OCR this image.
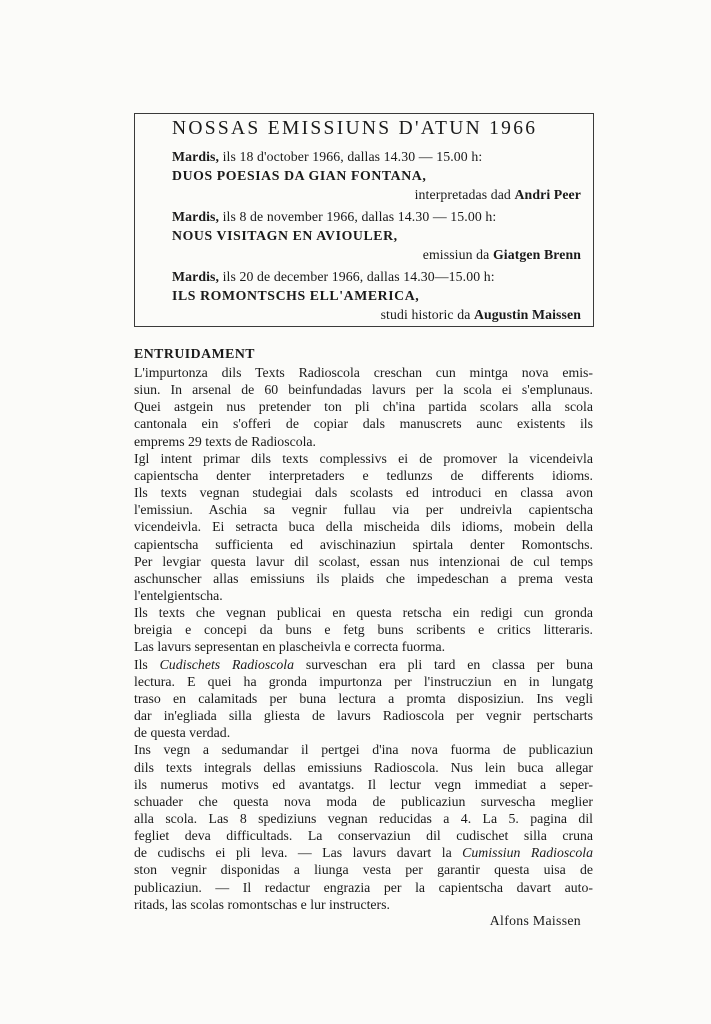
NOSSAS EMISSIUNS D'ATUN 1966
Mardis, ils 18 d'october 1966, dallas 14.30 — 15.00 h:
DUOS POESIAS DA GIAN FONTANA,
interpretadas dad Andri Peer
Mardis, ils 8 de november 1966, dallas 14.30 — 15.00 h:
NOUS VISITAGN EN AVIOULER,
emissiun da Giatgen Brenn
Mardis, ils 20 de december 1966, dallas 14.30—15.00 h:
ILS ROMONTSCHS ELL'AMERICA,
studi historic da Augustin Maissen
ENTRUIDAMENT
L'impurtonza dils Texts Radioscola creschan cun mintga nova emis-
siun. In arsenal de 60 beinfundadas lavurs per la scola ei s'emplunaus.
Quei astgein nus pretender ton pli ch'ina partida scolars alla scola
cantonala ein s'offeri de copiar dals manuscrets aunc existents ils
emprems 29 texts de Radioscola.
Igl intent primar dils texts complessivs ei de promover la vicendeivla
capientscha denter interpretaders e tedlunzs de differents idioms.
Ils texts vegnan studegiai dals scolasts ed introduci en classa avon
l'emissiun. Aschia sa vegnir fullau via per undreivla capientscha
vicendeivla. Ei setracta buca della mischeida dils idioms, mobein della
capientscha sufficienta ed avischinaziun spirtala denter Romontschs.
Per levgiar questa lavur dil scolast, essan nus intenzionai de cul temps
aschunscher allas emissiuns ils plaids che impedeschan a prema vesta
l'entelgientscha.
Ils texts che vegnan publicai en questa retscha ein redigi cun gronda
breigia e concepi da buns e fetg buns scribents e critics litteraris.
Las lavurs sepresentan en plascheivla e correcta fuorma.
Ils Cudischets Radioscola surveschan era pli tard en classa per buna
lectura. E quei ha gronda impurtonza per l'instrucziun en in lungatg
traso en calamitads per buna lectura a promta disposiziun. Ins vegli
dar in'egliada silla gliesta de lavurs Radioscola per vegnir pertscharts
de questa verdad.
Ins vegn a sedumandar il pertgei d'ina nova fuorma de publicaziun
dils texts integrals dellas emissiuns Radioscola. Nus lein buca allegar
ils numerus motivs ed avantatgs. Il lectur vegn immediat a seper-
schuader che questa nova moda de publicaziun survescha meglier
alla scola. Las 8 spediziuns vegnan reducidas a 4. La 5. pagina dil
fegliet deva difficultads. La conservaziun dil cudischet silla cruna
de cudischs ei pli leva. — Las lavurs davart la Cumissiun Radioscola
ston vegnir disponidas a liunga vesta per garantir questa uisa de
publicaziun. — Il redactur engrazia per la capientscha davart auto-
ritads, las scolas romontschas e lur instructers.
Alfons Maissen
